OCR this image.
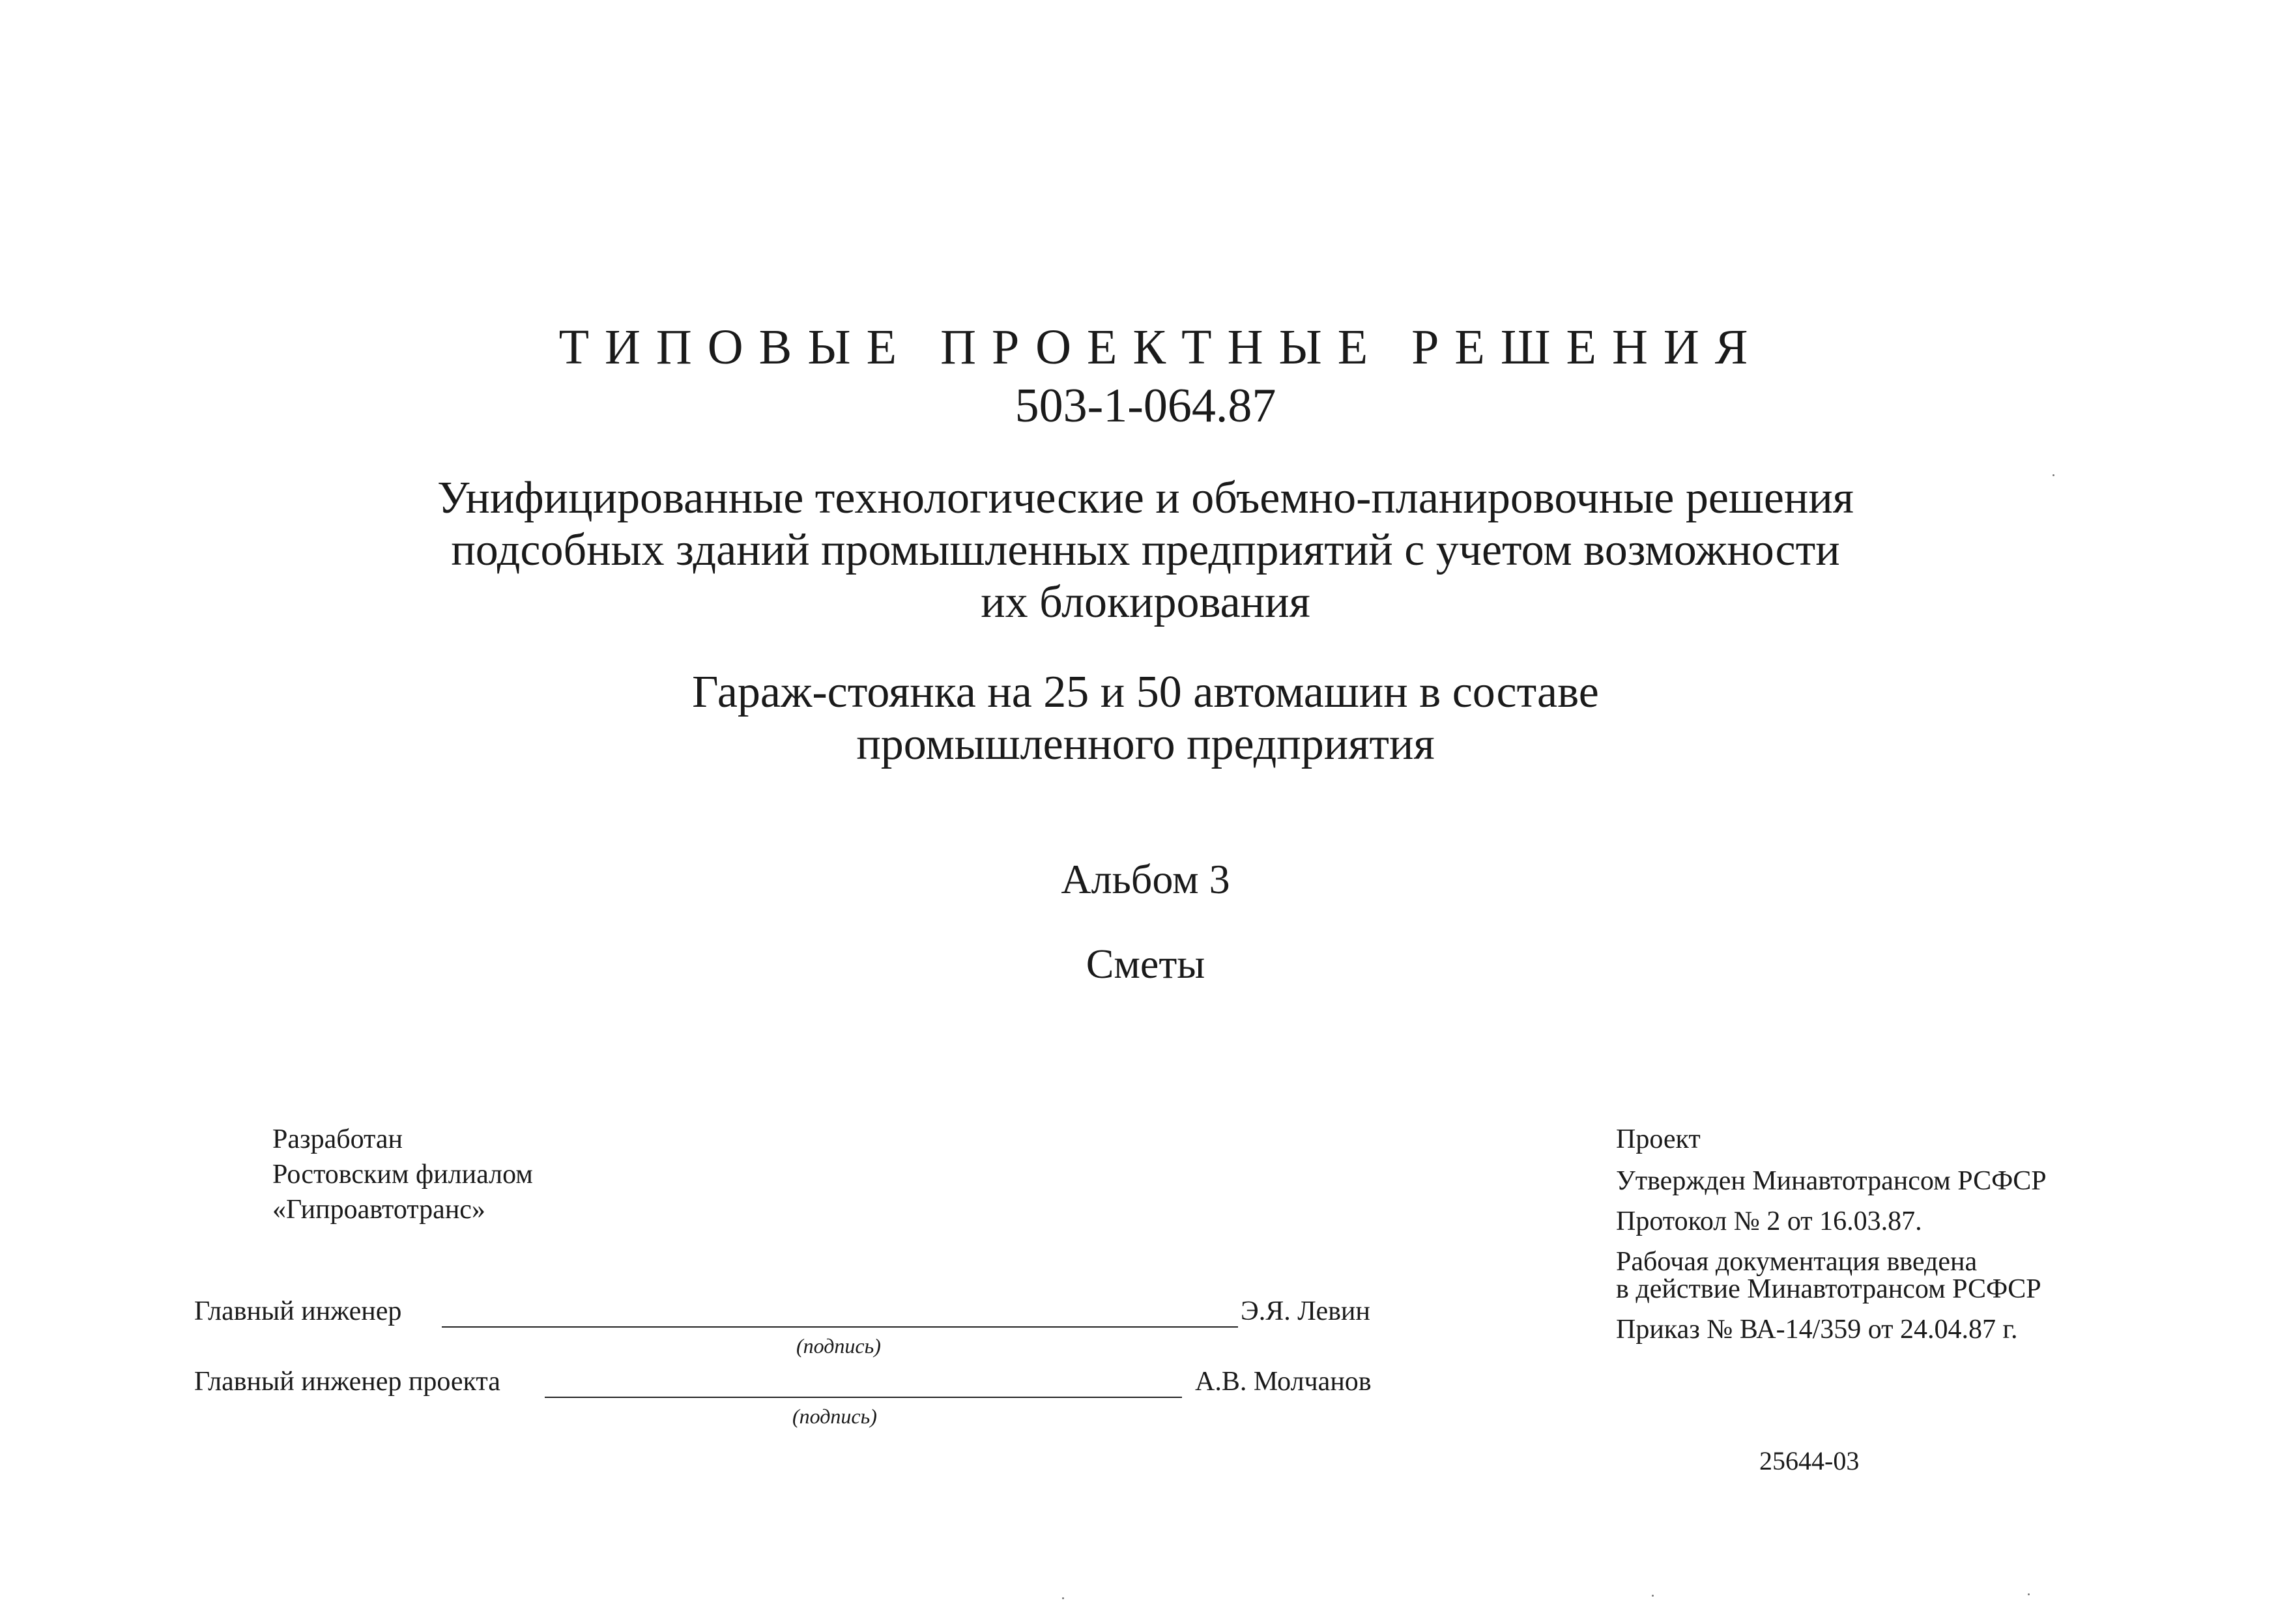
ТИПОВЫЕ ПРОЕКТНЫЕ РЕШЕНИЯ
503-1-064.87
Унифицированные технологические и объемно-планировочные решения
подсобных зданий промышленных предприятий с учетом возможности
их блокирования
Гараж-стоянка на 25 и 50 автомашин в составе
промышленного предприятия
Альбом 3
Сметы
Разработан
Ростовским филиалом
«Гипроавтотранс»
Главный инженер	Э.Я. Левин
(подпись)
Главный инженер проекта	А.В. Молчанов
(подпись)
Проект
Утвержден Минавтотрансом РСФСР
Протокол № 2 от 16.03.87.
Рабочая документация введена
в действие Минавтотрансом РСФСР
Приказ № ВА-14/359 от 24.04.87 г.
25644-03
